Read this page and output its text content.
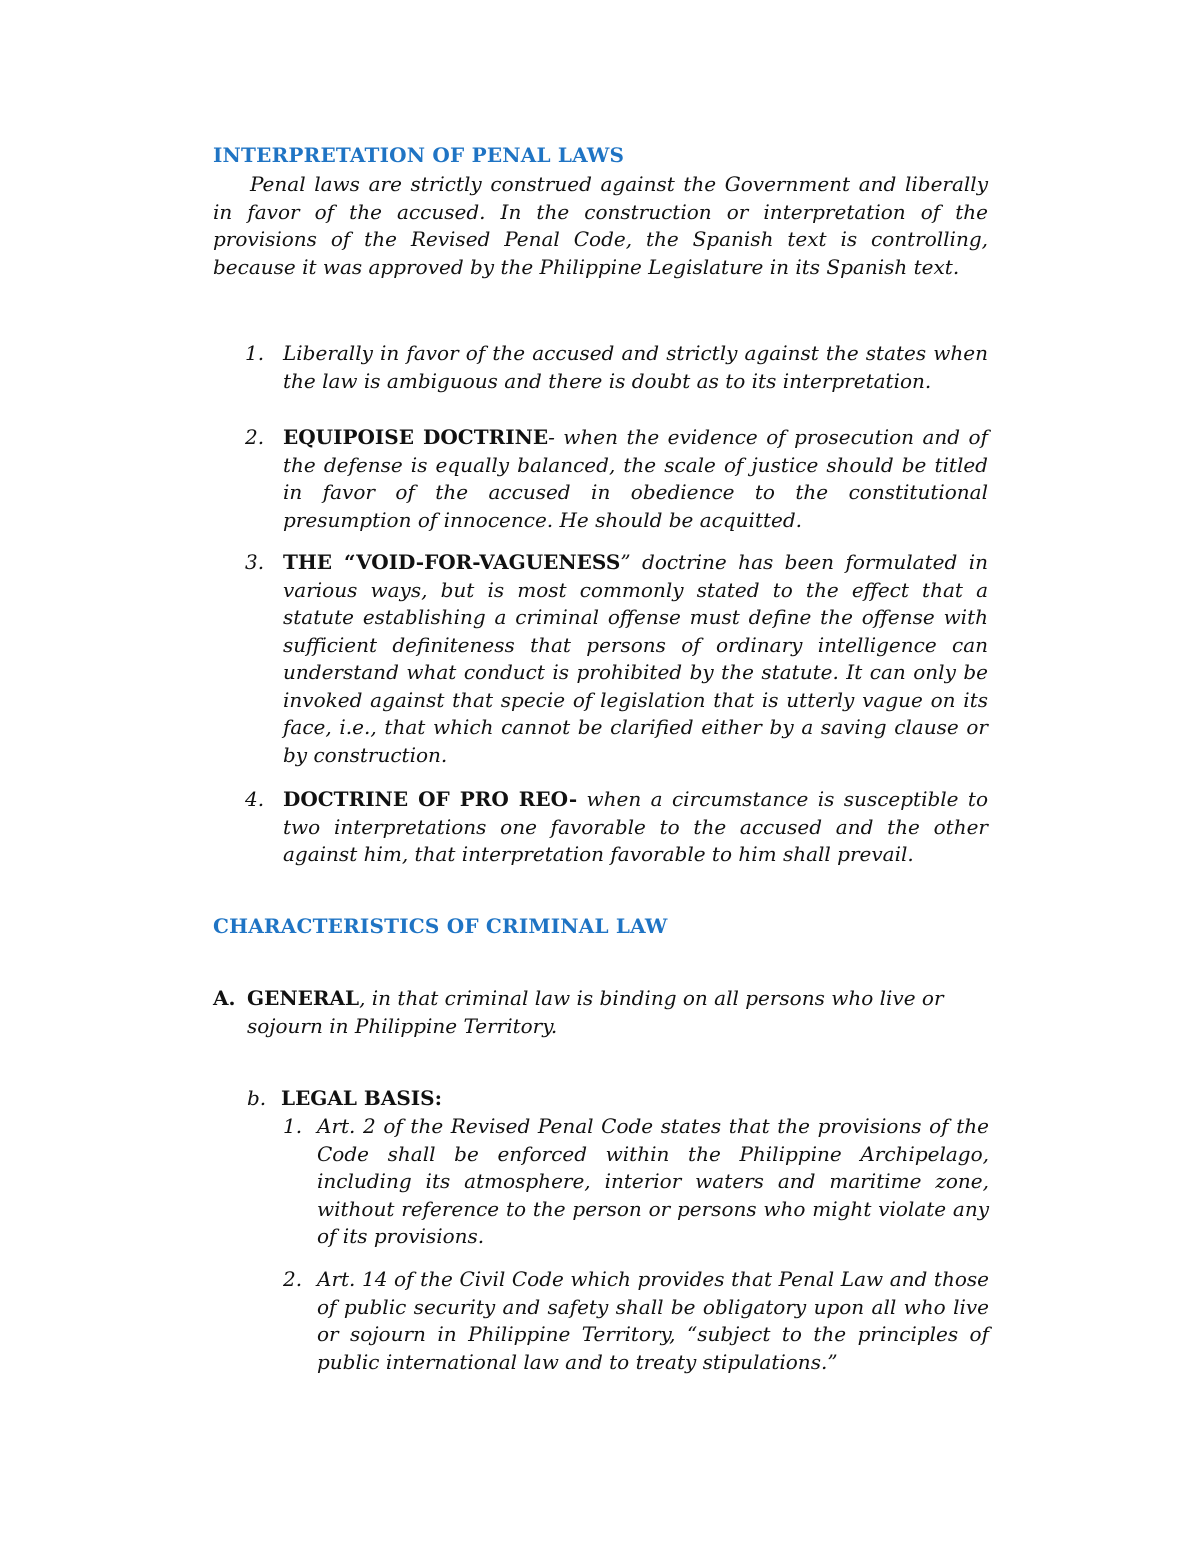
INTERPRETATION OF PENAL LAWS
Penal laws are strictly construed against the Government and liberally in favor of the accused. In the construction or interpretation of the provisions of the Revised Penal Code, the Spanish text is controlling, because it was approved by the Philippine Legislature in its Spanish text.
1. Liberally in favor of the accused and strictly against the states when the law is ambiguous and there is doubt as to its interpretation.
2. EQUIPOISE DOCTRINE- when the evidence of prosecution and of the defense is equally balanced, the scale of justice should be titled in favor of the accused in obedience to the constitutional presumption of innocence. He should be acquitted.
3. THE “VOID-FOR-VAGUENESS” doctrine has been formulated in various ways, but is most commonly stated to the effect that a statute establishing a criminal offense must define the offense with sufficient definiteness that persons of ordinary intelligence can understand what conduct is prohibited by the statute. It can only be invoked against that specie of legislation that is utterly vague on its face, i.e., that which cannot be clarified either by a saving clause or by construction.
4. DOCTRINE OF PRO REO- when a circumstance is susceptible to two interpretations one favorable to the accused and the other against him, that interpretation favorable to him shall prevail.
CHARACTERISTICS OF CRIMINAL LAW
A. GENERAL, in that criminal law is binding on all persons who live or sojourn in Philippine Territory.
b. LEGAL BASIS:
1. Art. 2 of the Revised Penal Code states that the provisions of the Code shall be enforced within the Philippine Archipelago, including its atmosphere, interior waters and maritime zone, without reference to the person or persons who might violate any of its provisions.
2. Art. 14 of the Civil Code which provides that Penal Law and those of public security and safety shall be obligatory upon all who live or sojourn in Philippine Territory, “subject to the principles of public international law and to treaty stipulations.”
